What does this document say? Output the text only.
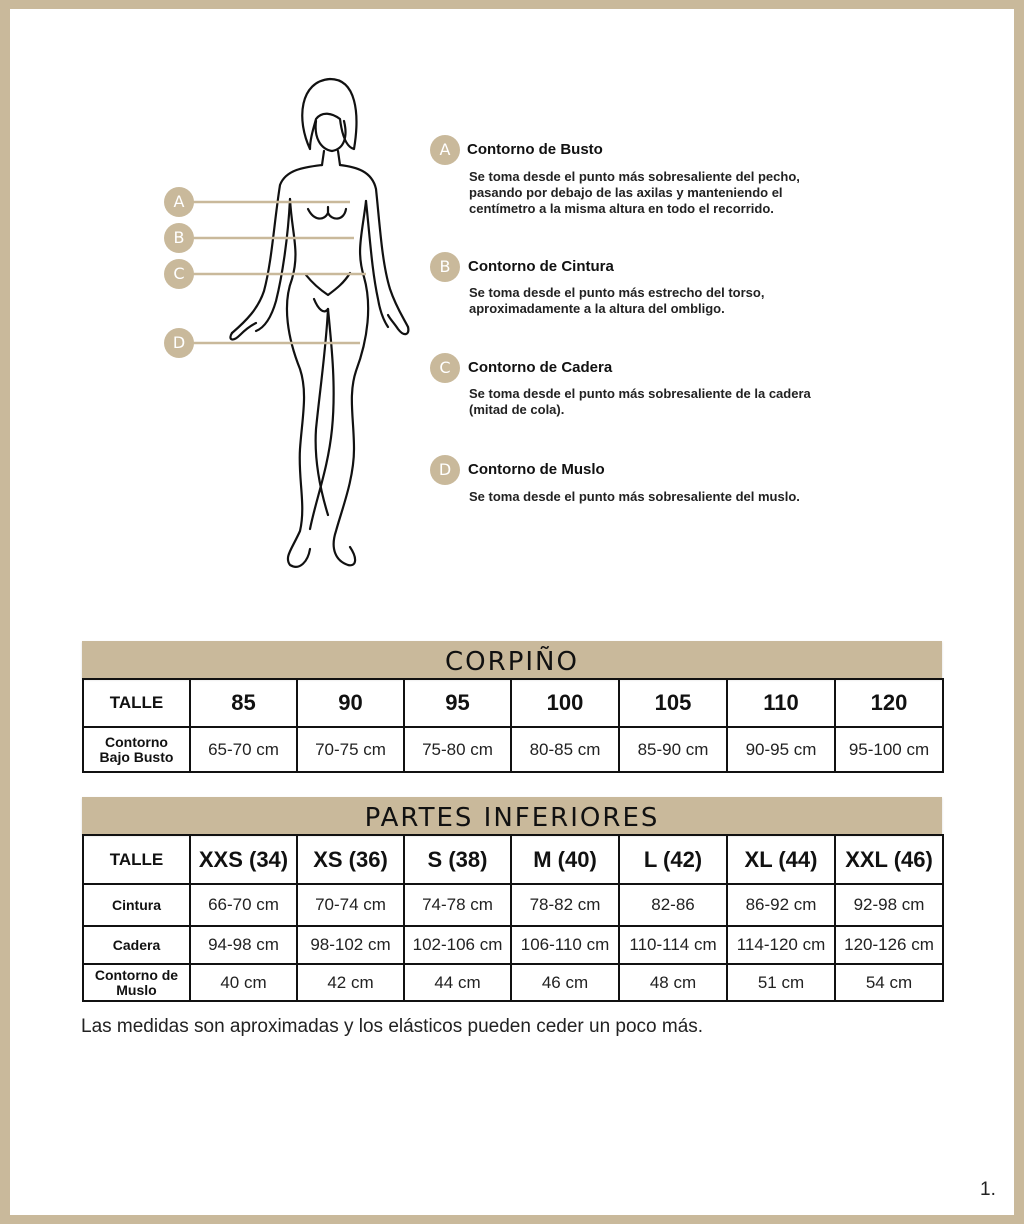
A
B
C
D
A	Contorno de Busto
Se toma desde el punto más sobresaliente del pecho,
pasando por debajo de las axilas y manteniendo el
centímetro a la misma altura en todo el recorrido.
B	Contorno de Cintura
Se toma desde el punto más estrecho del torso,
aproximadamente a la altura del ombligo.
C	Contorno de Cadera
Se toma desde el punto más sobresaliente de la cadera
(mitad de cola).
D	Contorno de Muslo
Se toma desde el punto más sobresaliente del muslo.
CORPIÑO
TALLE	85	90	95	100	105	110	120

Contorno
Bajo Busto	65-70 cm	70-75 cm	75-80 cm	80-85 cm	85-90 cm	90-95 cm	95-100 cm
PARTES INFERIORES
TALLE	XXS (34)	XS (36)	S (38)	M (40)	L (42)	XL (44)	XXL (46)
Cintura	66-70 cm	70-74 cm	74-78 cm	78-82 cm	82-86	86-92 cm	92-98 cm
Cadera	94-98 cm	98-102 cm	102-106 cm	106-110 cm	110-114 cm	114-120 cm	120-126 cm

Contorno de
Muslo	40 cm	42 cm	44 cm	46 cm	48 cm	51 cm	54 cm
Las medidas son aproximadas y los elásticos pueden ceder un poco más.
1.
